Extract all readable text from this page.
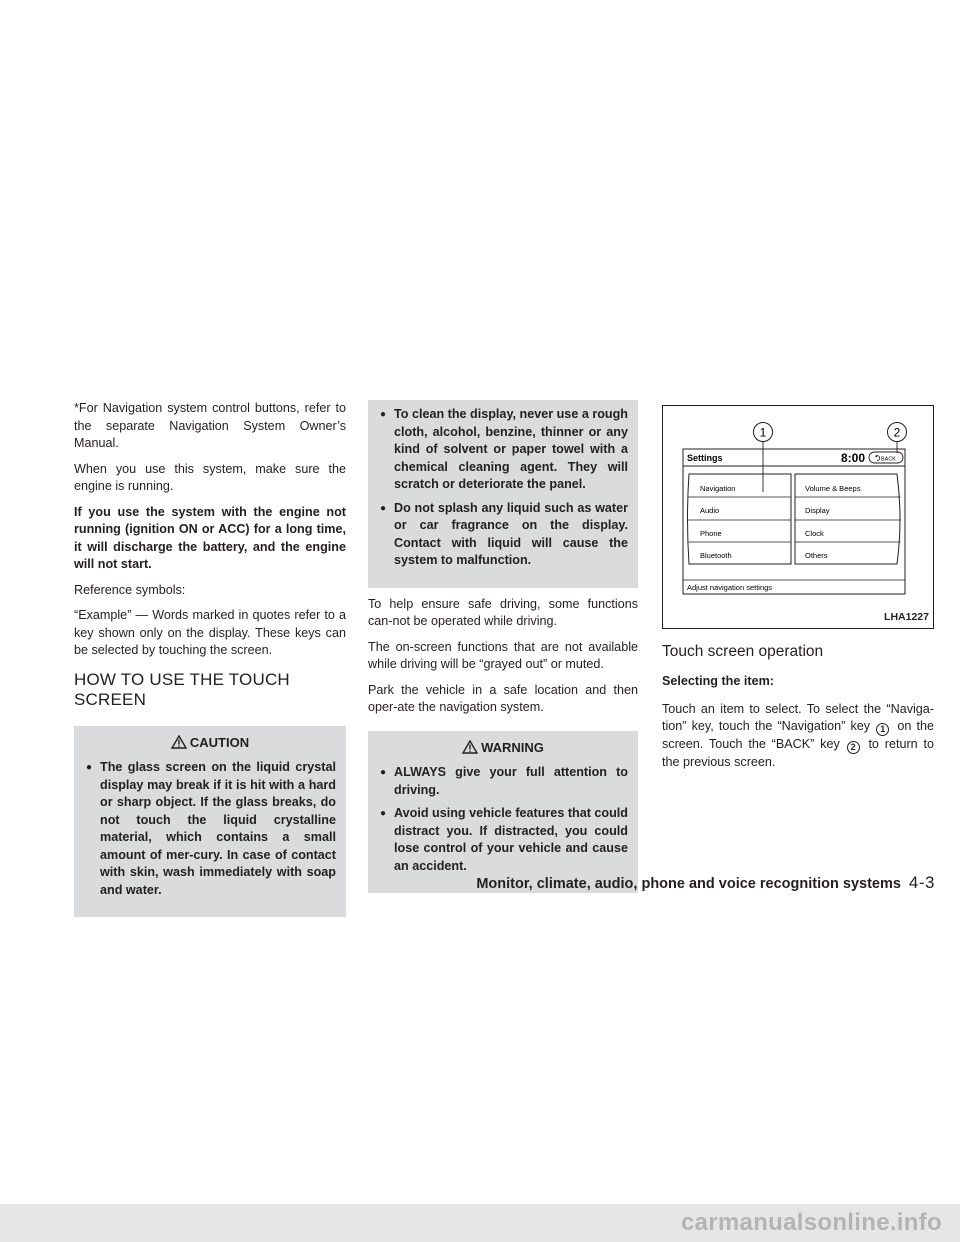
*For Navigation system control buttons, refer to the separate Navigation System Owner’s Manual.

When you use this system, make sure the engine is running.

If you use the system with the engine not running (ignition ON or ACC) for a long time, it will discharge the battery, and the engine will not start.

Reference symbols:

“Example” — Words marked in quotes refer to a key shown only on the display. These keys can be selected by touching the screen.

HOW TO USE THE TOUCH
SCREEN
CAUTION
● The glass screen on the liquid crystal display may break if it is hit with a hard or sharp object. If the glass breaks, do not touch the liquid crystalline material, which contains a small amount of mer-cury. In case of contact with skin, wash immediately with soap and water.
● To clean the display, never use a rough cloth, alcohol, benzine, thinner or any kind of solvent or paper towel with a chemical cleaning agent. They will scratch or deteriorate the panel.
● Do not splash any liquid such as water or car fragrance on the display. Contact with liquid will cause the system to malfunction.

To help ensure safe driving, some functions can-not be operated while driving.

The on-screen functions that are not available while driving will be “grayed out” or muted.

Park the vehicle in a safe location and then oper-ate the navigation system.

WARNING
● ALWAYS give your full attention to driving.
● Avoid using vehicle features that could distract you. If distracted, you could lose control of your vehicle and cause an accident.
1	2
Settings	8:00	BACK
Navigation
Audio
Phone
Bluetooth
Volume & Beeps
Display
Clock
Others
Adjust navigation settings
LHA1227
Touch screen operation
Selecting the item:

Touch an item to select. To select the “Naviga-tion” key, touch the “Navigation” key 1 on the screen. Touch the “BACK” key 2 to return to the previous screen.

Monitor, climate, audio, phone and voice recognition systems 4-3
carmanualsonline.info
